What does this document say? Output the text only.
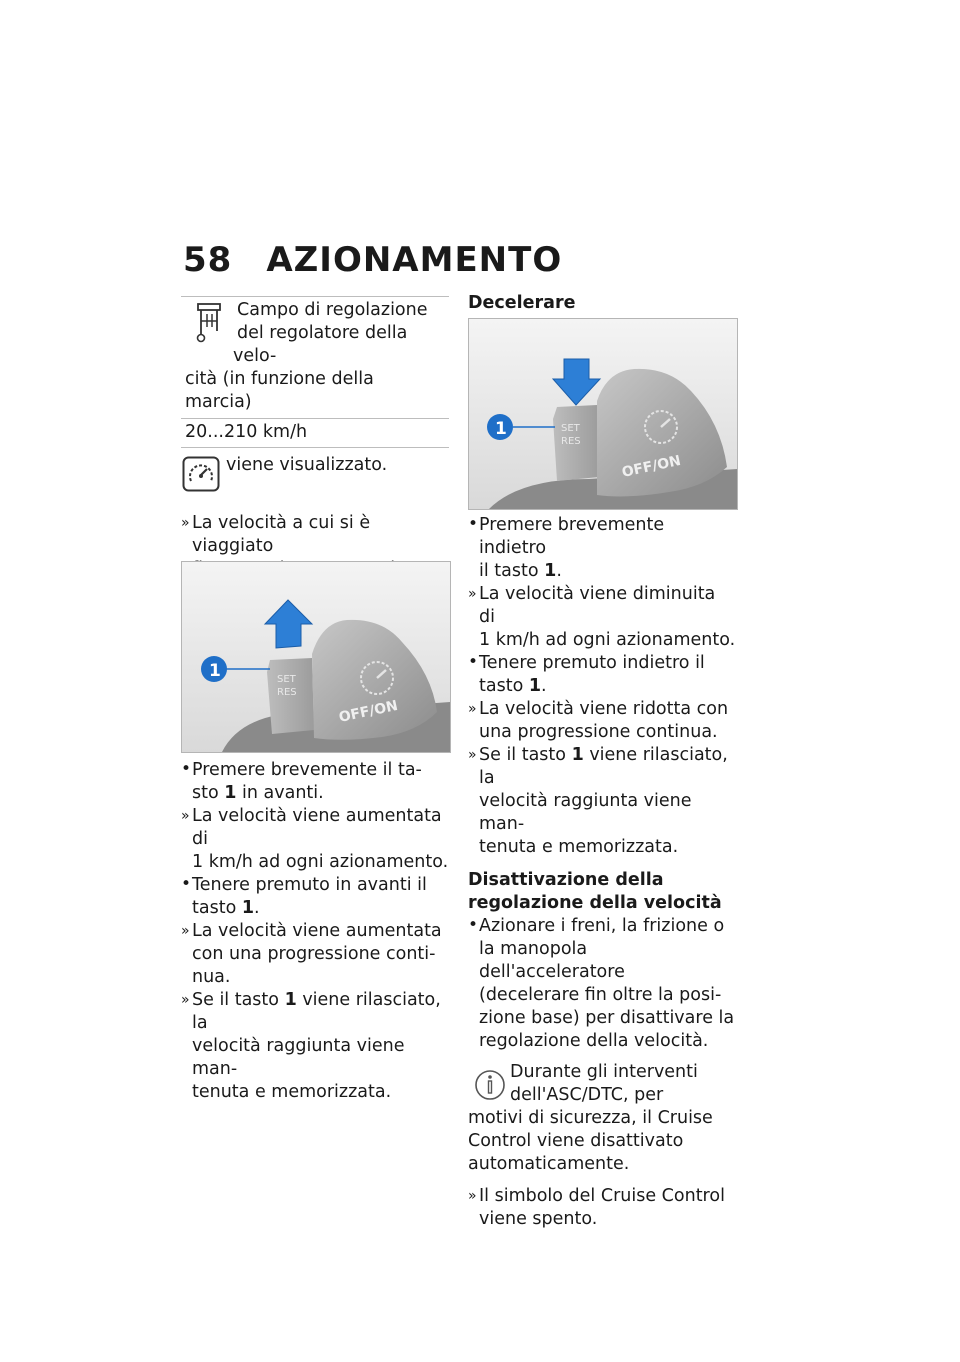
58 AZIONAMENTO
Campo di regolazione
del regolatore della velo-
cità (in funzione della marcia)
20...210 km/h
viene visualizzato.
» La velocità a cui si è viaggiato
SET
RES
OFF/ON
1
• Premere brevemente il ta-
sto 1 in avanti.
» La velocità viene aumentata di
1 km/h ad ogni azionamento.
• Tenere premuto in avanti il
tasto 1.
» La velocità viene aumentata
con una progressione conti-
nua.
» Se il tasto 1 viene rilasciato, la
velocità raggiunta viene man-
tenuta e memorizzata.
Decelerare
SET
RES
OFF/ON
1
• Premere brevemente indietro
il tasto 1.
» La velocità viene diminuita di
1 km/h ad ogni azionamento.
• Tenere premuto indietro il
tasto 1.
» La velocità viene ridotta con
una progressione continua.
» Se il tasto 1 viene rilasciato, la
velocità raggiunta viene man-
tenuta e memorizzata.
Disattivazione della
regolazione della velocità
• Azionare i freni, la frizione o
la manopola dell'acceleratore
(decelerare fin oltre la posi-
zione base) per disattivare la
regolazione della velocità.
Durante gli interventi
dell'ASC/DTC, per
motivi di sicurezza, il Cruise
Control viene disattivato
automaticamente.
» Il simbolo del Cruise Control
viene spento.
